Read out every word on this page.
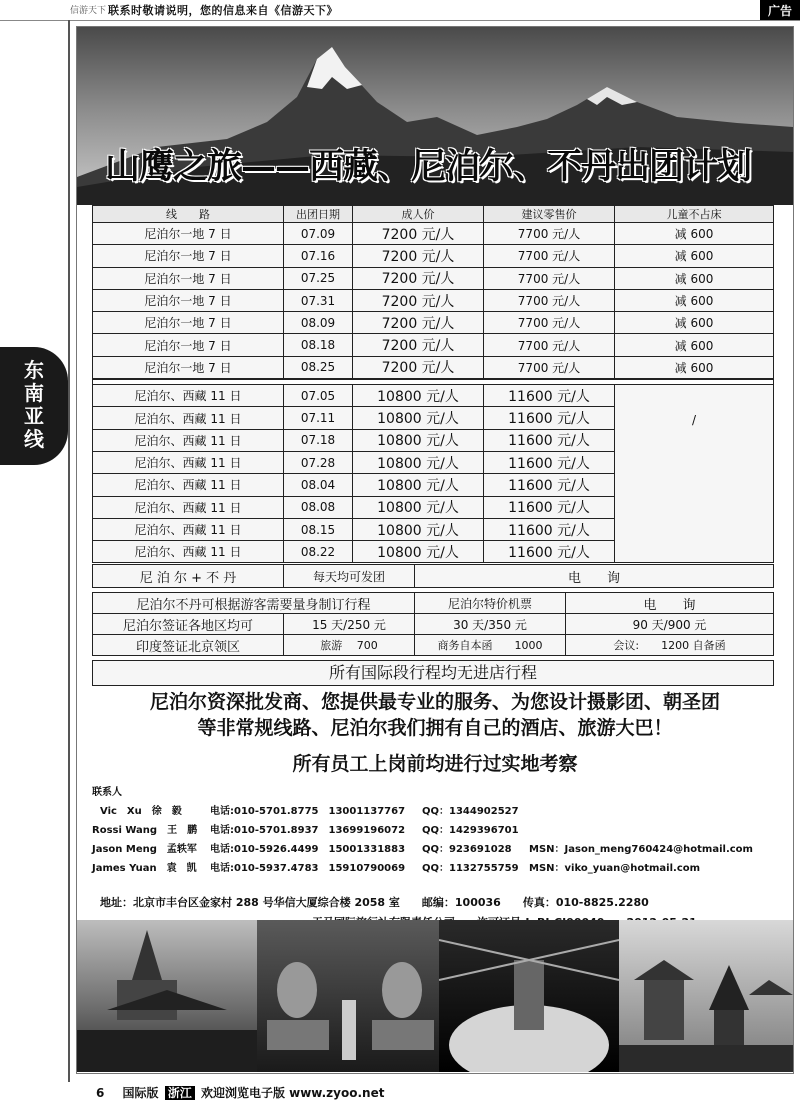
信游天下 联系时敬请说明，您的信息来自《信游天下》	广告
东
南
亚
线
山鹰之旅——西藏、尼泊尔、不丹出团计划
线　　路	出团日期	成人价	建议零售价	儿童不占床
尼泊尔一地 7 日	07.09	7200 元/人	7700 元/人	减 600
尼泊尔一地 7 日	07.16	7200 元/人	7700 元/人	减 600
尼泊尔一地 7 日	07.25	7200 元/人	7700 元/人	减 600
尼泊尔一地 7 日	07.31	7200 元/人	7700 元/人	减 600
尼泊尔一地 7 日	08.09	7200 元/人	7700 元/人	减 600
尼泊尔一地 7 日	08.18	7200 元/人	7700 元/人	减 600
尼泊尔一地 7 日	08.25	7200 元/人	7700 元/人	减 600

尼泊尔、西藏 11 日	07.05	10800 元/人	11600 元/人	/
尼泊尔、西藏 11 日	07.11	10800 元/人	11600 元/人	
尼泊尔、西藏 11 日	07.18	10800 元/人	11600 元/人	
尼泊尔、西藏 11 日	07.28	10800 元/人	11600 元/人	
尼泊尔、西藏 11 日	08.04	10800 元/人	11600 元/人	
尼泊尔、西藏 11 日	08.08	10800 元/人	11600 元/人	
尼泊尔、西藏 11 日	08.15	10800 元/人	11600 元/人	
尼泊尔、西藏 11 日	08.22	10800 元/人	11600 元/人	
尼 泊 尔 + 不 丹	每天均可发团	电　　询	

尼泊尔不丹可根据游客需要量身制订行程		尼泊尔特价机票	电　　询
尼泊尔签证各地区均可	15 天/250 元	30 天/350 元	90 天/900 元
印度签证北京领区	旅游　 700	商务自本函　　1000	会议:　　1200 自备函
所有国际段行程均无进店行程
尼泊尔资深批发商、您提供最专业的服务、为您设计摄影团、朝圣团
等非常规线路、尼泊尔我们拥有自己的酒店、旅游大巴！
所有员工上岗前均进行过实地考察
联系人
Vic　Xu　徐　毅	电话:010-5701.8775　13001137767 QQ：1344902527
Rossi Wang　王　鹏 电话:010-5701.8937　13699196072 QQ：1429396701
Jason Meng　孟轶军 电话:010-5926.4499　15001331883 QQ：923691028 MSN：Jason_meng760424@hotmail.com
James Yuan　袁　凯 电话:010-5937.4783　15910790069 QQ：1132755759 MSN：viko_yuan@hotmail.com
地址：北京市丰台区金家村 288 号华信大厦综合楼 2058 室　　邮编：100036　　传真：010-8825.2280
6 国际版 浙江 欢迎浏览电子版 www.zyoo.net
